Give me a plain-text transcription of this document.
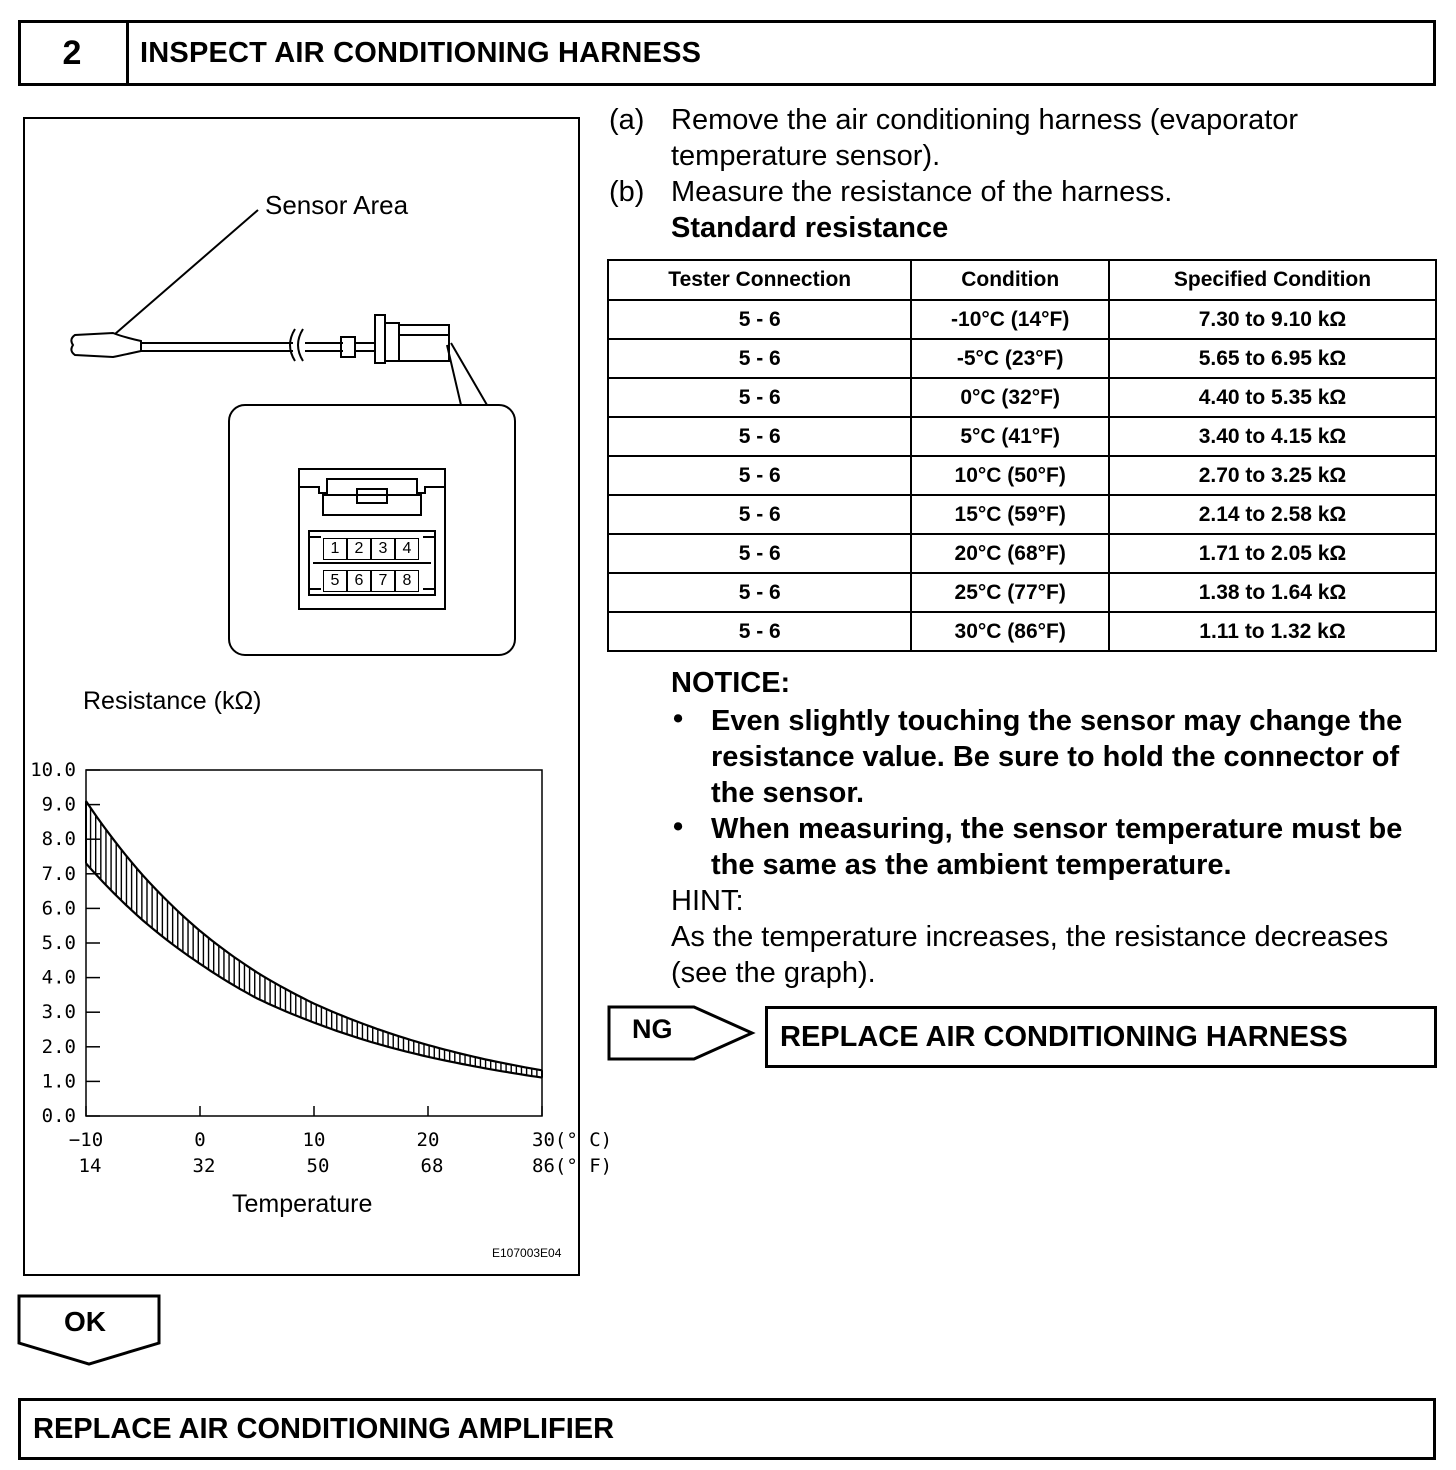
2	INSPECT AIR CONDITIONING HARNESS
Sensor Area
1 2 3 4
5 6 7 8
Resistance (kΩ)
10.0
9.0
8.0
7.0
6.0
5.0
4.0
3.0
2.0
1.0
0.0
−10	0	10	20
14	32	50	68
30(° C)
86(° F)
Temperature
E107003E04
(a) Remove the air conditioning harness (evaporator
temperature sensor).
(b) Measure the resistance of the harness.
Standard resistance
Tester Connection	Condition	Specified Condition
5 - 6	-10°C (14°F)	7.30 to 9.10 kΩ
5 - 6	-5°C (23°F)	5.65 to 6.95 kΩ
5 - 6	0°C (32°F)	4.40 to 5.35 kΩ
5 - 6	5°C (41°F)	3.40 to 4.15 kΩ
5 - 6	10°C (50°F)	2.70 to 3.25 kΩ
5 - 6	15°C (59°F)	2.14 to 2.58 kΩ
5 - 6	20°C (68°F)	1.71 to 2.05 kΩ
5 - 6	25°C (77°F)	1.38 to 1.64 kΩ
5 - 6	30°C (86°F)	1.11 to 1.32 kΩ
NOTICE:
• Even slightly touching the sensor may change the
resistance value. Be sure to hold the connector of
the sensor.
• When measuring, the sensor temperature must be
the same as the ambient temperature.
HINT:
As the temperature increases, the resistance decreases
(see the graph).
NG	REPLACE AIR CONDITIONING HARNESS
OK
REPLACE AIR CONDITIONING AMPLIFIER
